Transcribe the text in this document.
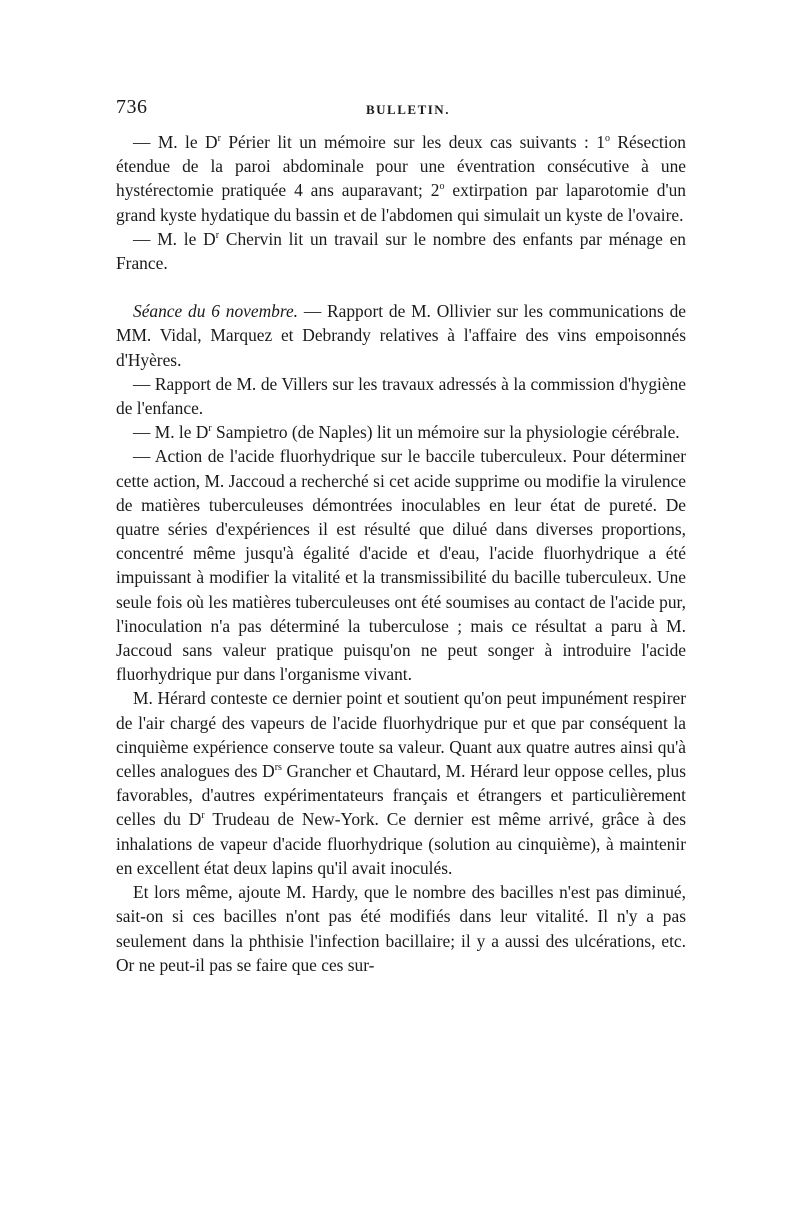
736	BULLETIN.

— M. le $D^r$ Périer lit un mémoire sur les deux cas suivants : 1$^o$ Résection étendue de la paroi abdominale pour une éventration consécutive à une hystérectomie pratiquée 4 ans auparavant; 2$^o$ extirpation par laparotomie d'un grand kyste hydatique du bassin et de l'abdomen qui simulait un kyste de l'ovaire.

— M. le $D^r$ Chervin lit un travail sur le nombre des enfants par ménage en France.

Séance du 6 novembre. — Rapport de M. Ollivier sur les communications de MM. Vidal, Marquez et Debrandy relatives à l'affaire des vins empoisonnés d'Hyères.

— Rapport de M. de Villers sur les travaux adressés à la commission d'hygiène de l'enfance.

— M. le $D^r$ Sampietro (de Naples) lit un mémoire sur la physiologie cérébrale.

— Action de l'acide fluorhydrique sur le baccile tuberculeux. Pour déterminer cette action, M. Jaccoud a recherché si cet acide supprime ou modifie la virulence de matières tuberculeuses démontrées inoculables en leur état de pureté. De quatre séries d'expériences il est résulté que dilué dans diverses proportions, concentré même jusqu'à égalité d'acide et d'eau, l'acide fluorhydrique a été impuissant à modifier la vitalité et la transmissibilité du bacille tuberculeux. Une seule fois où les matières tuberculeuses ont été soumises au contact de l'acide pur, l'inoculation n'a pas déterminé la tuberculose ; mais ce résultat a paru à M. Jaccoud sans valeur pratique puisqu'on ne peut songer à introduire l'acide fluorhydrique pur dans l'organisme vivant.

M. Hérard conteste ce dernier point et soutient qu'on peut impunément respirer de l'air chargé des vapeurs de l'acide fluorhydrique pur et que par conséquent la cinquième expérience conserve toute sa valeur. Quant aux quatre autres ainsi qu'à celles analogues des $D^{rs}$ Grancher et Chautard, M. Hérard leur oppose celles, plus favorables, d'autres expérimentateurs français et étrangers et particulièrement celles du $D^r$ Trudeau de New-York. Ce dernier est même arrivé, grâce à des inhalations de vapeur d'acide fluorhydrique (solution au cinquième), à maintenir en excellent état deux lapins qu'il avait inoculés.

Et lors même, ajoute M. Hardy, que le nombre des bacilles n'est pas diminué, sait-on si ces bacilles n'ont pas été modifiés dans leur vitalité. Il n'y a pas seulement dans la phthisie l'infection bacillaire; il y a aussi des ulcérations, etc. Or ne peut-il pas se faire que ces sur-
